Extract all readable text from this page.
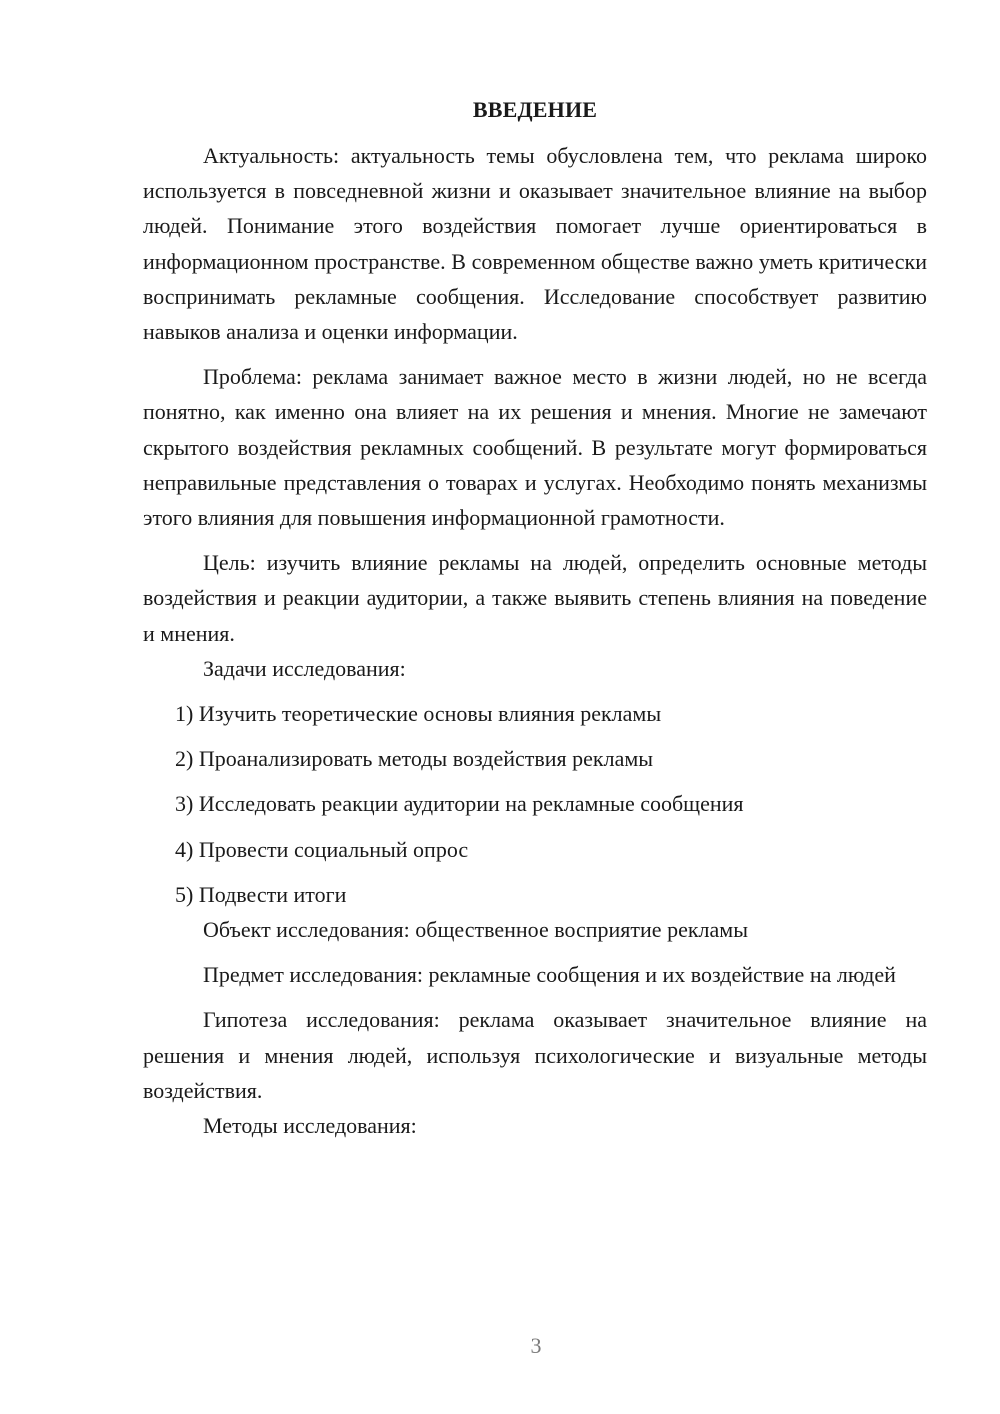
ВВЕДЕНИЕ

Актуальность: актуальность темы обусловлена тем, что реклама широко используется в повседневной жизни и оказывает значительное влияние на выбор людей. Понимание этого воздействия помогает лучше ориентироваться в информационном пространстве. В современном обществе важно уметь критически воспринимать рекламные сообщения. Исследование способствует развитию навыков анализа и оценки информации.

Проблема: реклама занимает важное место в жизни людей, но не всегда понятно, как именно она влияет на их решения и мнения. Многие не замечают скрытого воздействия рекламных сообщений. В результате могут формироваться неправильные представления о товарах и услугах. Необходимо понять механизмы этого влияния для повышения информационной грамотности.

Цель: изучить влияние рекламы на людей, определить основные методы воздействия и реакции аудитории, а также выявить степень влияния на поведение и мнения.

Задачи исследования:

1) Изучить теоретические основы влияния рекламы
2) Проанализировать методы воздействия рекламы
3) Исследовать реакции аудитории на рекламные сообщения
4) Провести социальный опрос
5) Подвести итоги

Объект исследования: общественное восприятие рекламы

Предмет исследования: рекламные сообщения и их воздействие на людей

Гипотеза исследования: реклама оказывает значительное влияние на решения и мнения людей, используя психологические и визуальные методы воздействия.

Методы исследования:

3
